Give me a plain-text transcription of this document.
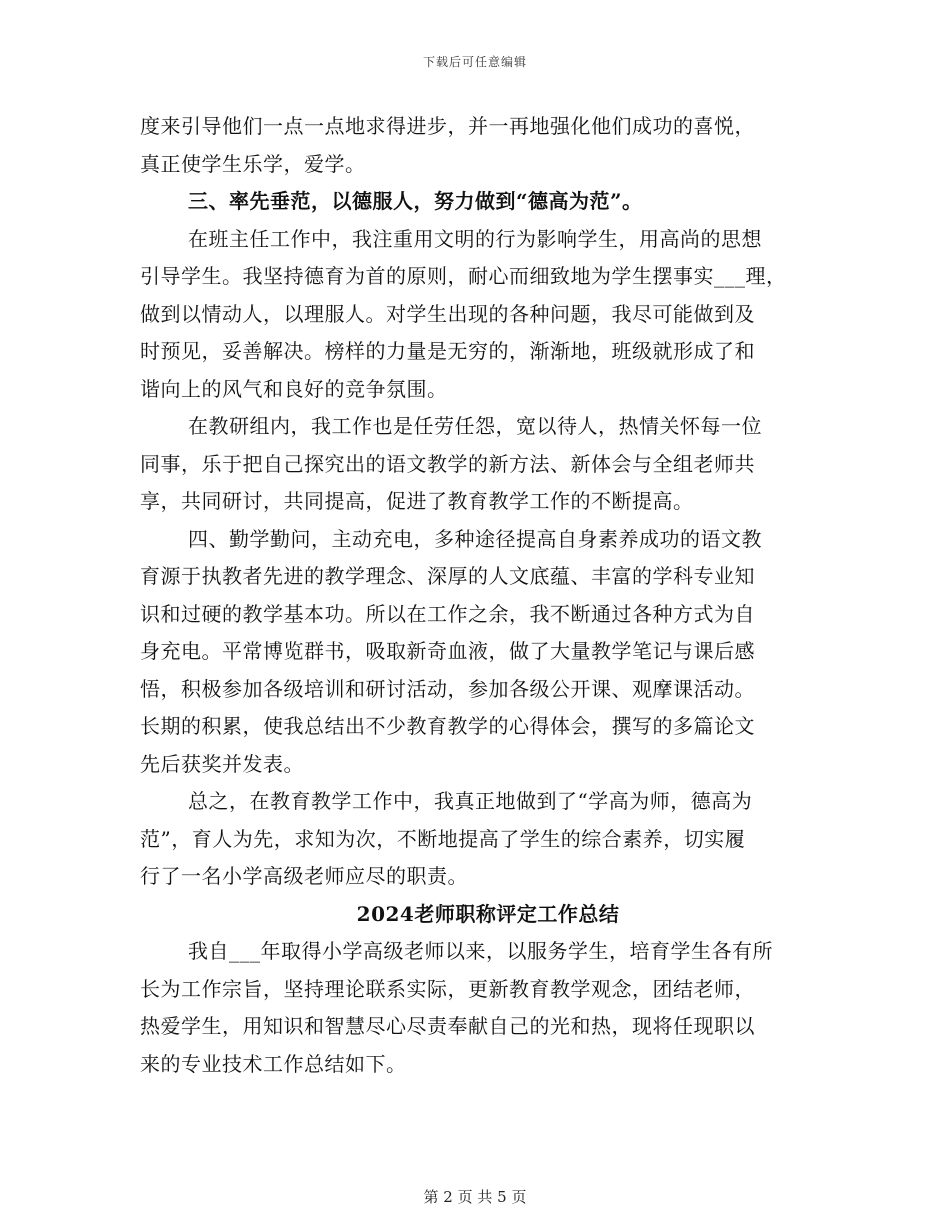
下载后可任意编辑
度来引导他们一点一点地求得进步，并一再地强化他们成功的喜悦，
真正使学生乐学，爱学。
三、率先垂范，以德服人，努力做到“德高为范”。
在班主任工作中，我注重用文明的行为影响学生，用高尚的思想
引导学生。我坚持德育为首的原则，耐心而细致地为学生摆事实___理，
做到以情动人，以理服人。对学生出现的各种问题，我尽可能做到及
时预见，妥善解决。榜样的力量是无穷的，渐渐地，班级就形成了和
谐向上的风气和良好的竞争氛围。
在教研组内，我工作也是任劳任怨，宽以待人，热情关怀每一位
同事，乐于把自己探究出的语文教学的新方法、新体会与全组老师共
享，共同研讨，共同提高，促进了教育教学工作的不断提高。
四、勤学勤问，主动充电，多种途径提高自身素养成功的语文教
育源于执教者先进的教学理念、深厚的人文底蕴、丰富的学科专业知
识和过硬的教学基本功。所以在工作之余，我不断通过各种方式为自
身充电。平常博览群书，吸取新奇血液，做了大量教学笔记与课后感
悟，积极参加各级培训和研讨活动，参加各级公开课、观摩课活动。
长期的积累，使我总结出不少教育教学的心得体会，撰写的多篇论文
先后获奖并发表。
总之，在教育教学工作中，我真正地做到了“学高为师，德高为
范”，育人为先，求知为次，不断地提高了学生的综合素养，切实履
行了一名小学高级老师应尽的职责。
2024老师职称评定工作总结
我自___年取得小学高级老师以来，以服务学生，培育学生各有所
长为工作宗旨，坚持理论联系实际，更新教育教学观念，团结老师，
热爱学生，用知识和智慧尽心尽责奉献自己的光和热，现将任现职以
来的专业技术工作总结如下。
第 2 页 共 5 页
